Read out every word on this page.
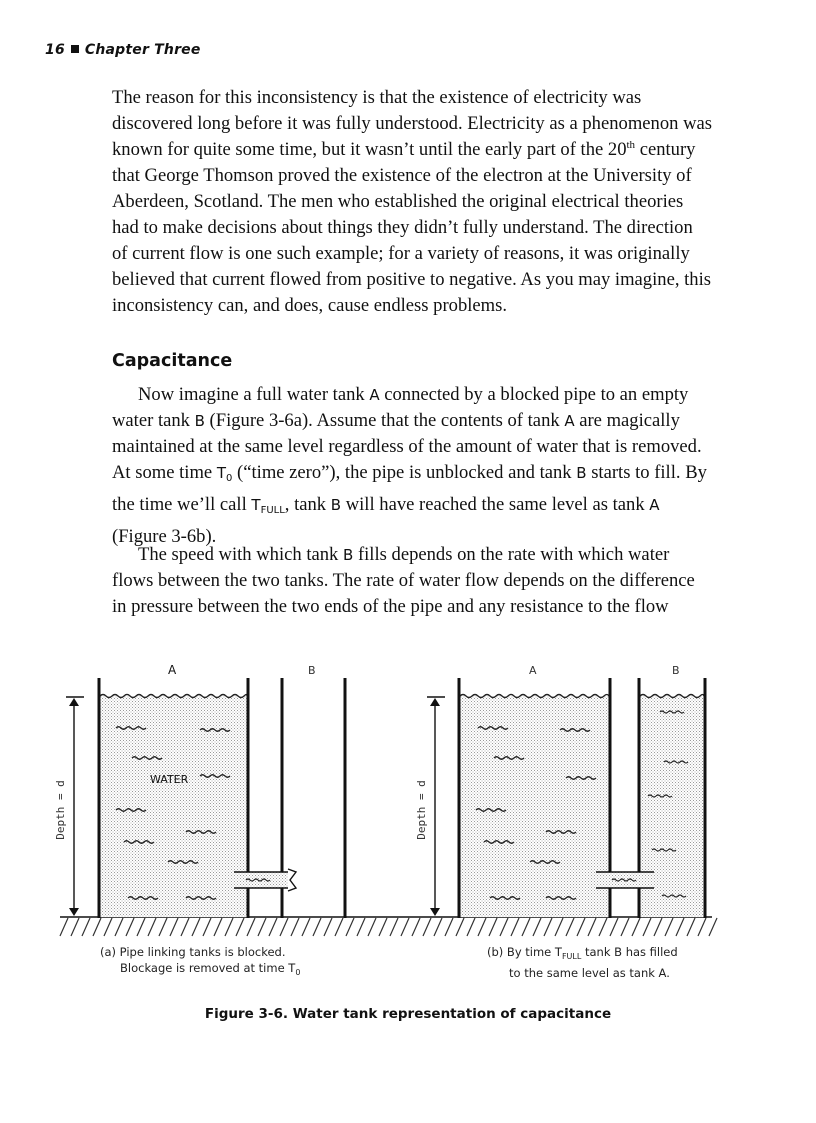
16 Chapter Three

The reason for this inconsistency is that the existence of electricity was discovered long before it was fully understood. Electricity as a phenomenon was known for quite some time, but it wasn’t until the early part of the 20th century that George Thomson proved the existence of the electron at the University of Aberdeen, Scotland. The men who established the original electrical theories had to make decisions about things they didn’t fully understand. The direction of current flow is one such example; for a variety of reasons, it was originally believed that current flowed from positive to negative. As you may imagine, this inconsistency can, and does, cause endless problems.

Capacitance

Now imagine a full water tank A connected by a blocked pipe to an empty water tank B (Figure 3-6a). Assume that the contents of tank A are magically maintained at the same level regardless of the amount of water that is removed. At some time $T_0$ (“time zero”), the pipe is unblocked and tank B starts to fill. By the time we’ll call $T_{FULL}$, tank B will have reached the same level as tank A (Figure 3-6b).

The speed with which tank B fills depends on the rate with which water flows between the two tanks. The rate of water flow depends on the difference in pressure between the two ends of the pipe and any resistance to the flow

A	B
WATER
Depth = d
A	B
Depth = d
(a) Pipe linking tanks is blocked.
Blockage is removed at time $T_0$
(b) By time $T_{FULL}$ tank B has filled
to the same level as tank A.
Figure 3-6. Water tank representation of capacitance
